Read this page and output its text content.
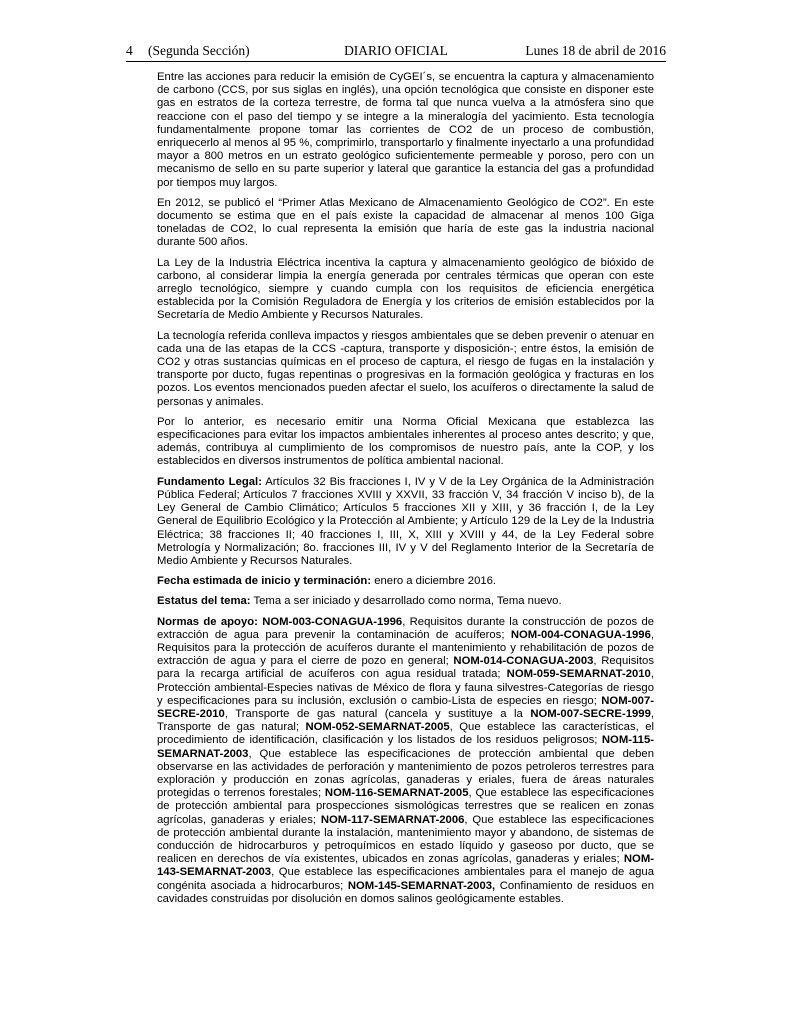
4 (Segunda Sección)	DIARIO OFICIAL	Lunes 18 de abril de 2016

Entre las acciones para reducir la emisión de CyGEI´s, se encuentra la captura y almacenamiento de carbono (CCS, por sus siglas en inglés), una opción tecnológica que consiste en disponer este gas en estratos de la corteza terrestre, de forma tal que nunca vuelva a la atmósfera sino que reaccione con el paso del tiempo y se integre a la mineralogía del yacimiento. Esta tecnología fundamentalmente propone tomar las corrientes de CO2 de un proceso de combustión, enriquecerlo al menos al 95 %, comprimirlo, transportarlo y finalmente inyectarlo a una profundidad mayor a 800 metros en un estrato geológico suficientemente permeable y poroso, pero con un mecanismo de sello en su parte superior y lateral que garantice la estancia del gas a profundidad por tiempos muy largos.

En 2012, se publicó el “Primer Atlas Mexicano de Almacenamiento Geológico de CO2”. En este documento se estima que en el país existe la capacidad de almacenar al menos 100 Giga toneladas de CO2, lo cual representa la emisión que haría de este gas la industria nacional durante 500 años.

La Ley de la Industria Eléctrica incentiva la captura y almacenamiento geológico de bióxido de carbono, al considerar limpia la energía generada por centrales térmicas que operan con este arreglo tecnológico, siempre y cuando cumpla con los requisitos de eficiencia energética establecida por la Comisión Reguladora de Energía y los criterios de emisión establecidos por la Secretaría de Medio Ambiente y Recursos Naturales.

La tecnología referida conlleva impactos y riesgos ambientales que se deben prevenir o atenuar en cada una de las etapas de la CCS -captura, transporte y disposición-; entre éstos, la emisión de CO2 y otras sustancias químicas en el proceso de captura, el riesgo de fugas en la instalación y transporte por ducto, fugas repentinas o progresivas en la formación geológica y fracturas en los pozos. Los eventos mencionados pueden afectar el suelo, los acuíferos o directamente la salud de personas y animales.

Por lo anterior, es necesario emitir una Norma Oficial Mexicana que establezca las especificaciones para evitar los impactos ambientales inherentes al proceso antes descrito; y que, además, contribuya al cumplimiento de los compromisos de nuestro país, ante la COP, y los establecidos en diversos instrumentos de política ambiental nacional.

Fundamento Legal: Artículos 32 Bis fracciones I, IV y V de la Ley Orgánica de la Administración Pública Federal; Artículos 7 fracciones XVIII y XXVII, 33 fracción V, 34 fracción V inciso b), de la Ley General de Cambio Climático; Artículos 5 fracciones XII y XIII, y 36 fracción I, de la Ley General de Equilibrio Ecológico y la Protección al Ambiente; y Artículo 129 de la Ley de la Industria Eléctrica; 38 fracciones II; 40 fracciones I, III, X, XIII y XVIII y 44, de la Ley Federal sobre Metrología y Normalización; 8o. fracciones III, IV y V del Reglamento Interior de la Secretaría de Medio Ambiente y Recursos Naturales.

Fecha estimada de inicio y terminación: enero a diciembre 2016.

Estatus del tema: Tema a ser iniciado y desarrollado como norma, Tema nuevo.

Normas de apoyo: NOM-003-CONAGUA-1996, Requisitos durante la construcción de pozos de extracción de agua para prevenir la contaminación de acuíferos; NOM-004-CONAGUA-1996, Requisitos para la protección de acuíferos durante el mantenimiento y rehabilitación de pozos de extracción de agua y para el cierre de pozo en general; NOM-014-CONAGUA-2003, Requisitos para la recarga artificial de acuíferos con agua residual tratada; NOM-059-SEMARNAT-2010, Protección ambiental-Especies nativas de México de flora y fauna silvestres-Categorías de riesgo y especificaciones para su inclusión, exclusión o cambio-Lista de especies en riesgo; NOM-007-SECRE-2010, Transporte de gas natural (cancela y sustituye a la NOM-007-SECRE-1999, Transporte de gas natural; NOM-052-SEMARNAT-2005, Que establece las características, el procedimiento de identificación, clasificación y los listados de los residuos peligrosos; NOM-115-SEMARNAT-2003, Que establece las especificaciones de protección ambiental que deben observarse en las actividades de perforación y mantenimiento de pozos petroleros terrestres para exploración y producción en zonas agrícolas, ganaderas y eriales, fuera de áreas naturales protegidas o terrenos forestales; NOM-116-SEMARNAT-2005, Que establece las especificaciones de protección ambiental para prospecciones sismológicas terrestres que se realicen en zonas agrícolas, ganaderas y eriales; NOM-117-SEMARNAT-2006, Que establece las especificaciones de protección ambiental durante la instalación, mantenimiento mayor y abandono, de sistemas de conducción de hidrocarburos y petroquímicos en estado líquido y gaseoso por ducto, que se realicen en derechos de vía existentes, ubicados en zonas agrícolas, ganaderas y eriales; NOM-143-SEMARNAT-2003, Que establece las especificaciones ambientales para el manejo de agua congénita asociada a hidrocarburos; NOM-145-SEMARNAT-2003, Confinamiento de residuos en cavidades construidas por disolución en domos salinos geológicamente estables.
